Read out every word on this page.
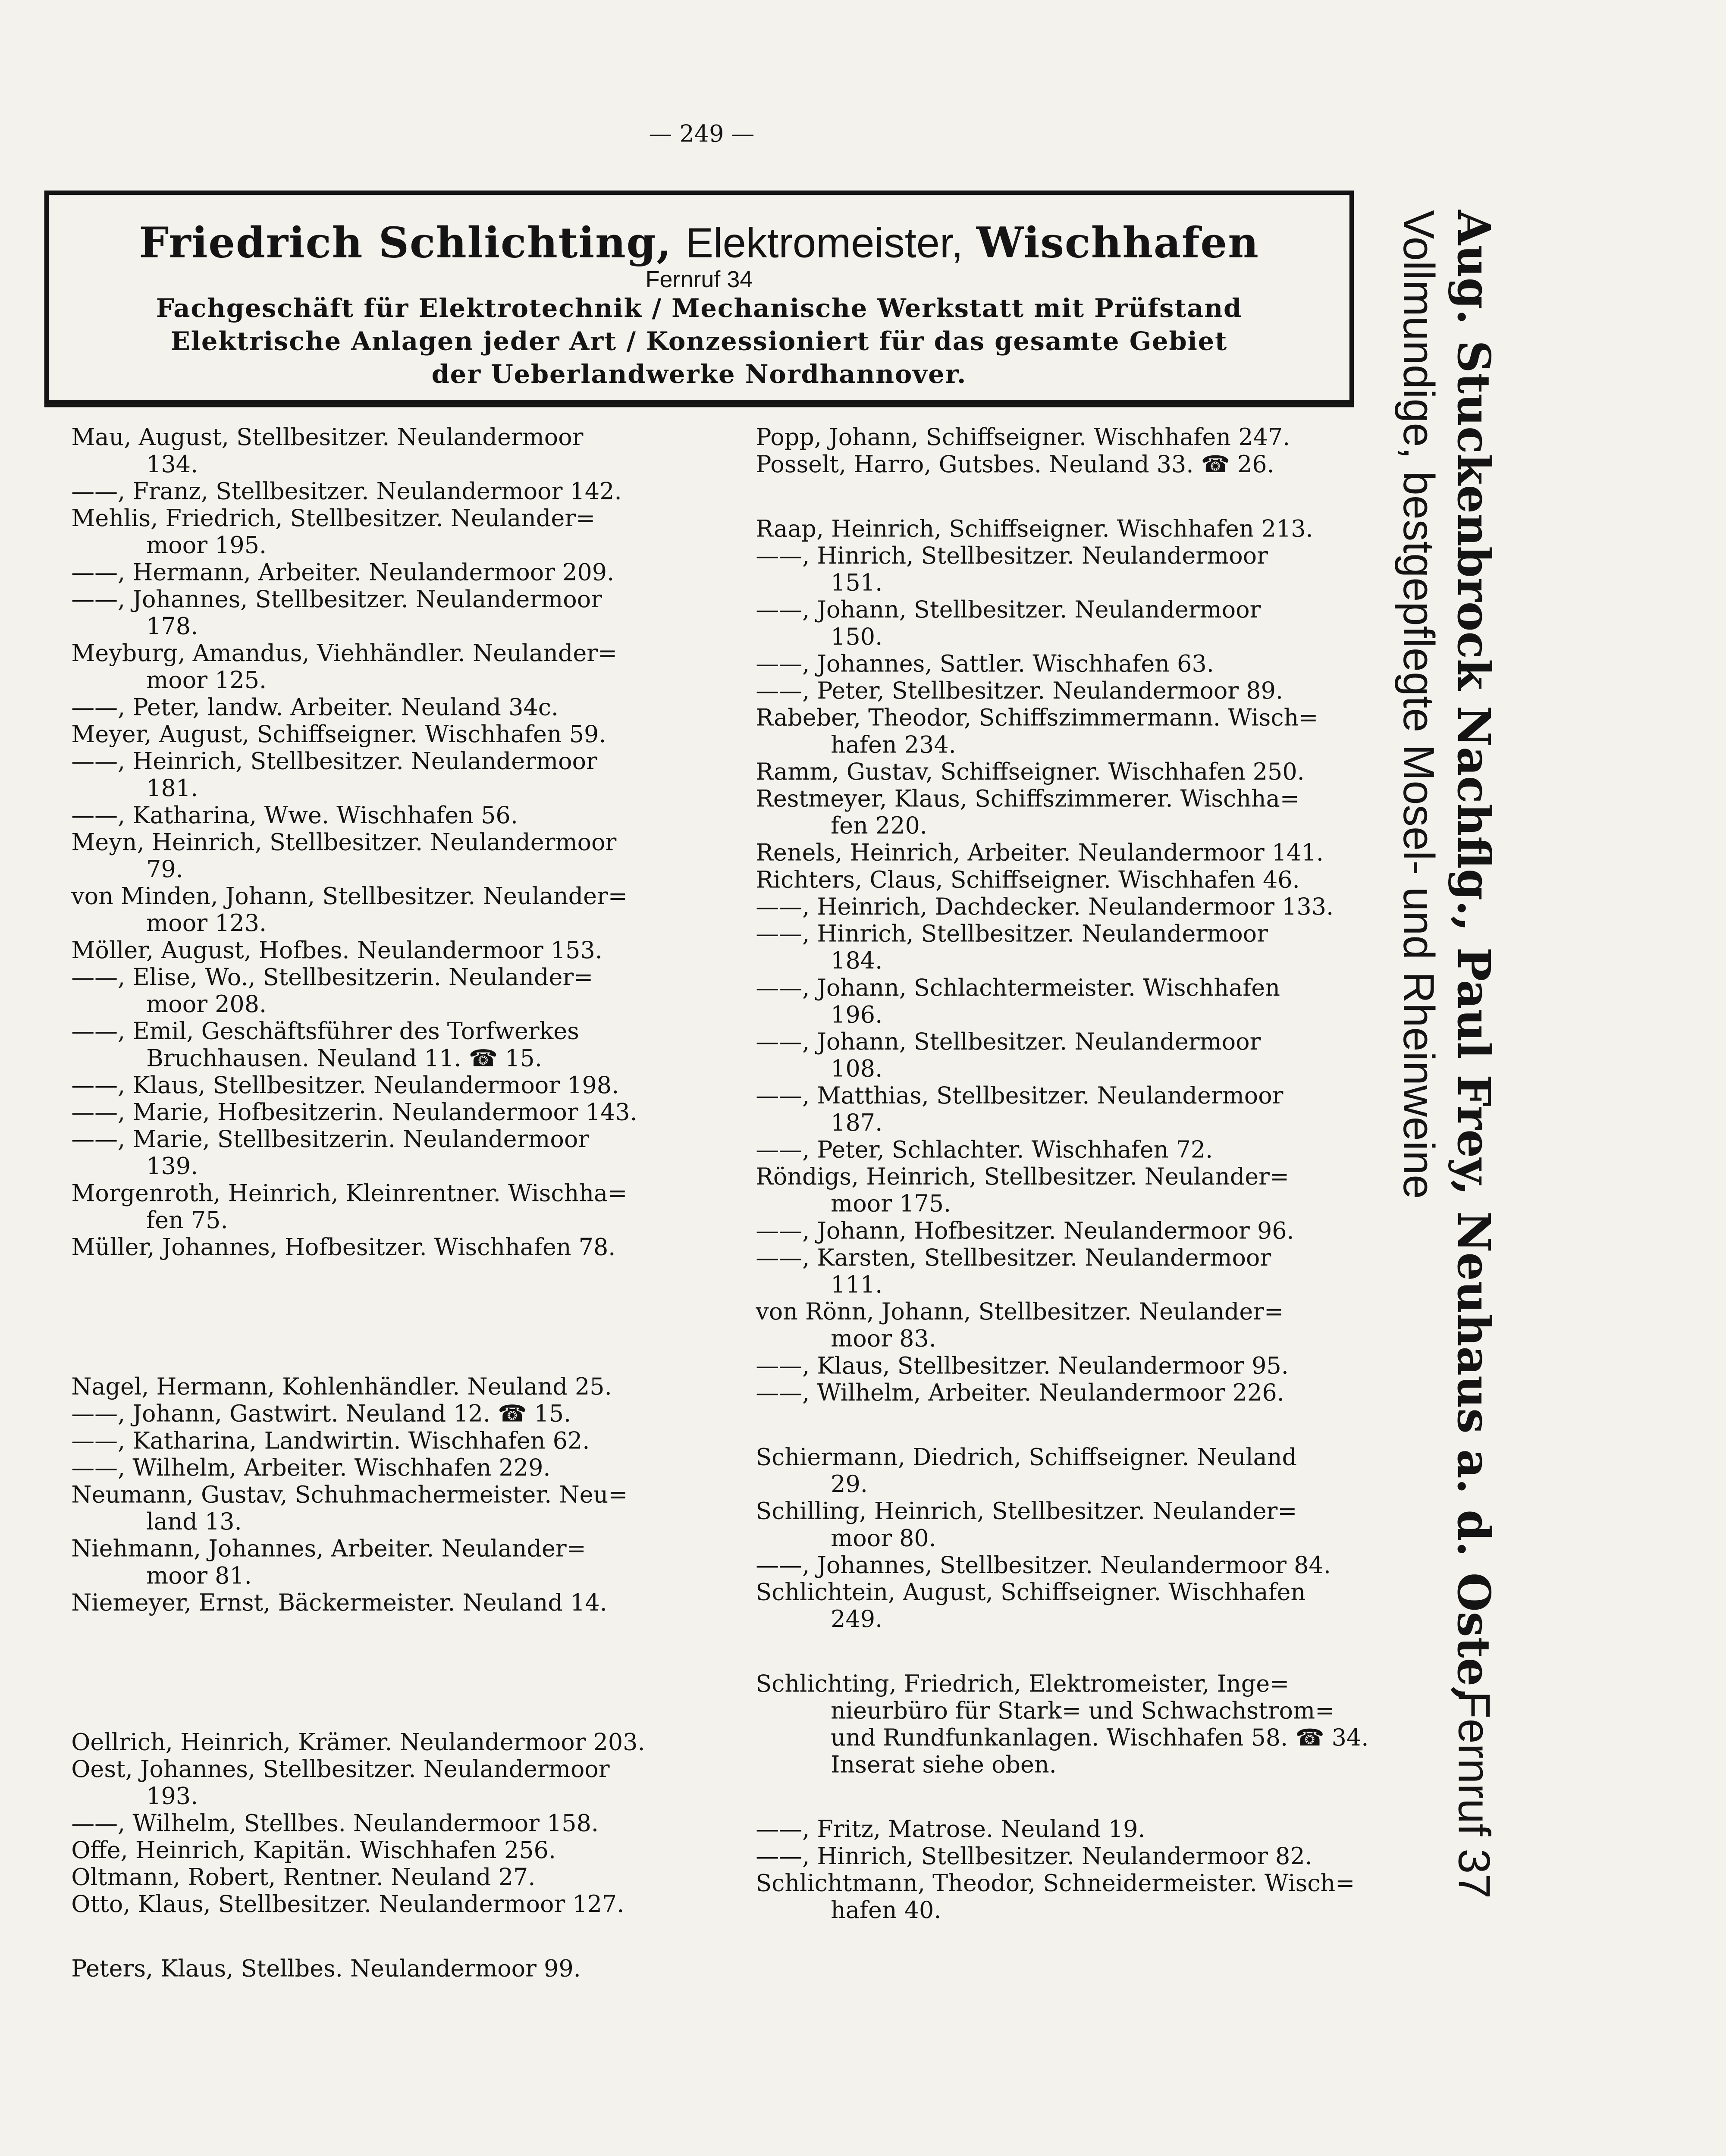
— 249 —
Friedrich Schlichting, Elektromeister, Wischhafen
Fernruf 34
Fachgeschäft für Elektrotechnik / Mechanische Werkstatt mit Prüfstand
Elektrische Anlagen jeder Art / Konzessioniert für das gesamte Gebiet
der Ueberlandwerke Nordhannover.
Mau, August, Stellbesitzer. Neulandermoor
134.
——, Franz, Stellbesitzer. Neulandermoor 142.
Mehlis, Friedrich, Stellbesitzer. Neulander=
moor 195.
——, Hermann, Arbeiter. Neulandermoor 209.
——, Johannes, Stellbesitzer. Neulandermoor
178.
Meyburg, Amandus, Viehhändler. Neulander=
moor 125.
——, Peter, landw. Arbeiter. Neuland 34c.
Meyer, August, Schiffseigner. Wischhafen 59.
——, Heinrich, Stellbesitzer. Neulandermoor
181.
——, Katharina, Wwe. Wischhafen 56.
Meyn, Heinrich, Stellbesitzer. Neulandermoor
79.
von Minden, Johann, Stellbesitzer. Neulander=
moor 123.
Möller, August, Hofbes. Neulandermoor 153.
——, Elise, Wo., Stellbesitzerin. Neulander=
moor 208.
——, Emil, Geschäftsführer des Torfwerkes
Bruchhausen. Neuland 11. ☎ 15.
——, Klaus, Stellbesitzer. Neulandermoor 198.
——, Marie, Hofbesitzerin. Neulandermoor 143.
——, Marie, Stellbesitzerin. Neulandermoor
139.
Morgenroth, Heinrich, Kleinrentner. Wischha=
fen 75.
Müller, Johannes, Hofbesitzer. Wischhafen 78.
Nagel, Hermann, Kohlenhändler. Neuland 25.
——, Johann, Gastwirt. Neuland 12. ☎ 15.
——, Katharina, Landwirtin. Wischhafen 62.
——, Wilhelm, Arbeiter. Wischhafen 229.
Neumann, Gustav, Schuhmachermeister. Neu=
land 13.
Niehmann, Johannes, Arbeiter. Neulander=
moor 81.
Niemeyer, Ernst, Bäckermeister. Neuland 14.
Oellrich, Heinrich, Krämer. Neulandermoor 203.
Oest, Johannes, Stellbesitzer. Neulandermoor
193.
——, Wilhelm, Stellbes. Neulandermoor 158.
Offe, Heinrich, Kapitän. Wischhafen 256.
Oltmann, Robert, Rentner. Neuland 27.
Otto, Klaus, Stellbesitzer. Neulandermoor 127.
Peters, Klaus, Stellbes. Neulandermoor 99.
Popp, Johann, Schiffseigner. Wischhafen 247.
Posselt, Harro, Gutsbes. Neuland 33. ☎ 26.
Raap, Heinrich, Schiffseigner. Wischhafen 213.
——, Hinrich, Stellbesitzer. Neulandermoor
151.
——, Johann, Stellbesitzer. Neulandermoor
150.
——, Johannes, Sattler. Wischhafen 63.
——, Peter, Stellbesitzer. Neulandermoor 89.
Rabeber, Theodor, Schiffszimmermann. Wisch=
hafen 234.
Ramm, Gustav, Schiffseigner. Wischhafen 250.
Restmeyer, Klaus, Schiffszimmerer. Wischha=
fen 220.
Renels, Heinrich, Arbeiter. Neulandermoor 141.
Richters, Claus, Schiffseigner. Wischhafen 46.
——, Heinrich, Dachdecker. Neulandermoor 133.
——, Hinrich, Stellbesitzer. Neulandermoor
184.
——, Johann, Schlachtermeister. Wischhafen
196.
——, Johann, Stellbesitzer. Neulandermoor
108.
——, Matthias, Stellbesitzer. Neulandermoor
187.
——, Peter, Schlachter. Wischhafen 72.
Röndigs, Heinrich, Stellbesitzer. Neulander=
moor 175.
——, Johann, Hofbesitzer. Neulandermoor 96.
——, Karsten, Stellbesitzer. Neulandermoor
111.
von Rönn, Johann, Stellbesitzer. Neulander=
moor 83.
——, Klaus, Stellbesitzer. Neulandermoor 95.
——, Wilhelm, Arbeiter. Neulandermoor 226.
Schiermann, Diedrich, Schiffseigner. Neuland
29.
Schilling, Heinrich, Stellbesitzer. Neulander=
moor 80.
——, Johannes, Stellbesitzer. Neulandermoor 84.
Schlichtein, August, Schiffseigner. Wischhafen
249.
Schlichting, Friedrich, Elektromeister, Inge=
nieurbüro für Stark= und Schwachstrom= und Rundfunkanlagen. Wischhafen 58. ☎ 34. Inserat siehe oben.
——, Fritz, Matrose. Neuland 19.
——, Hinrich, Stellbesitzer. Neulandermoor 82.
Schlichtmann, Theodor, Schneidermeister. Wisch=
hafen 40.
Aug. Stuckenbrock Nachflg., Paul Frey, Neuhaus a. d. Oste,
Vollmundige, bestgepflegte Mosel- und Rheinweine
Fernruf 37
